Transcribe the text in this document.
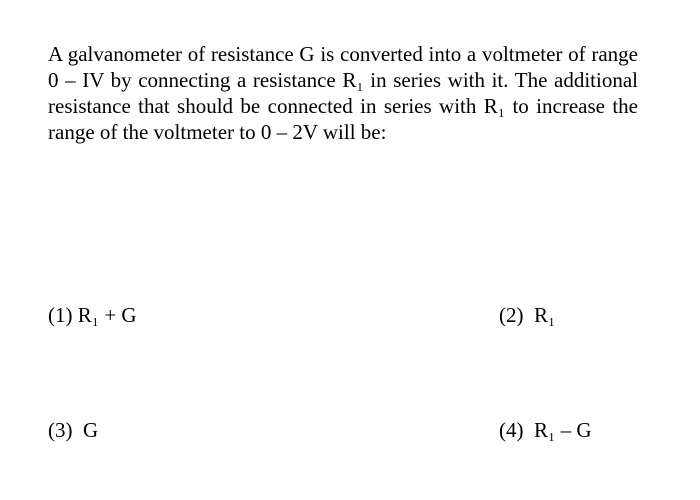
A galvanometer of resistance G is converted into a voltmeter of range 0 – IV by connecting a resistance R₁ in series with it. The additional resistance that should be connected in series with R₁ to increase the range of the voltmeter to 0 – 2V will be:

(1) R₁ + G	(2)  R₁
(3)  G	(4)  R₁ – G
